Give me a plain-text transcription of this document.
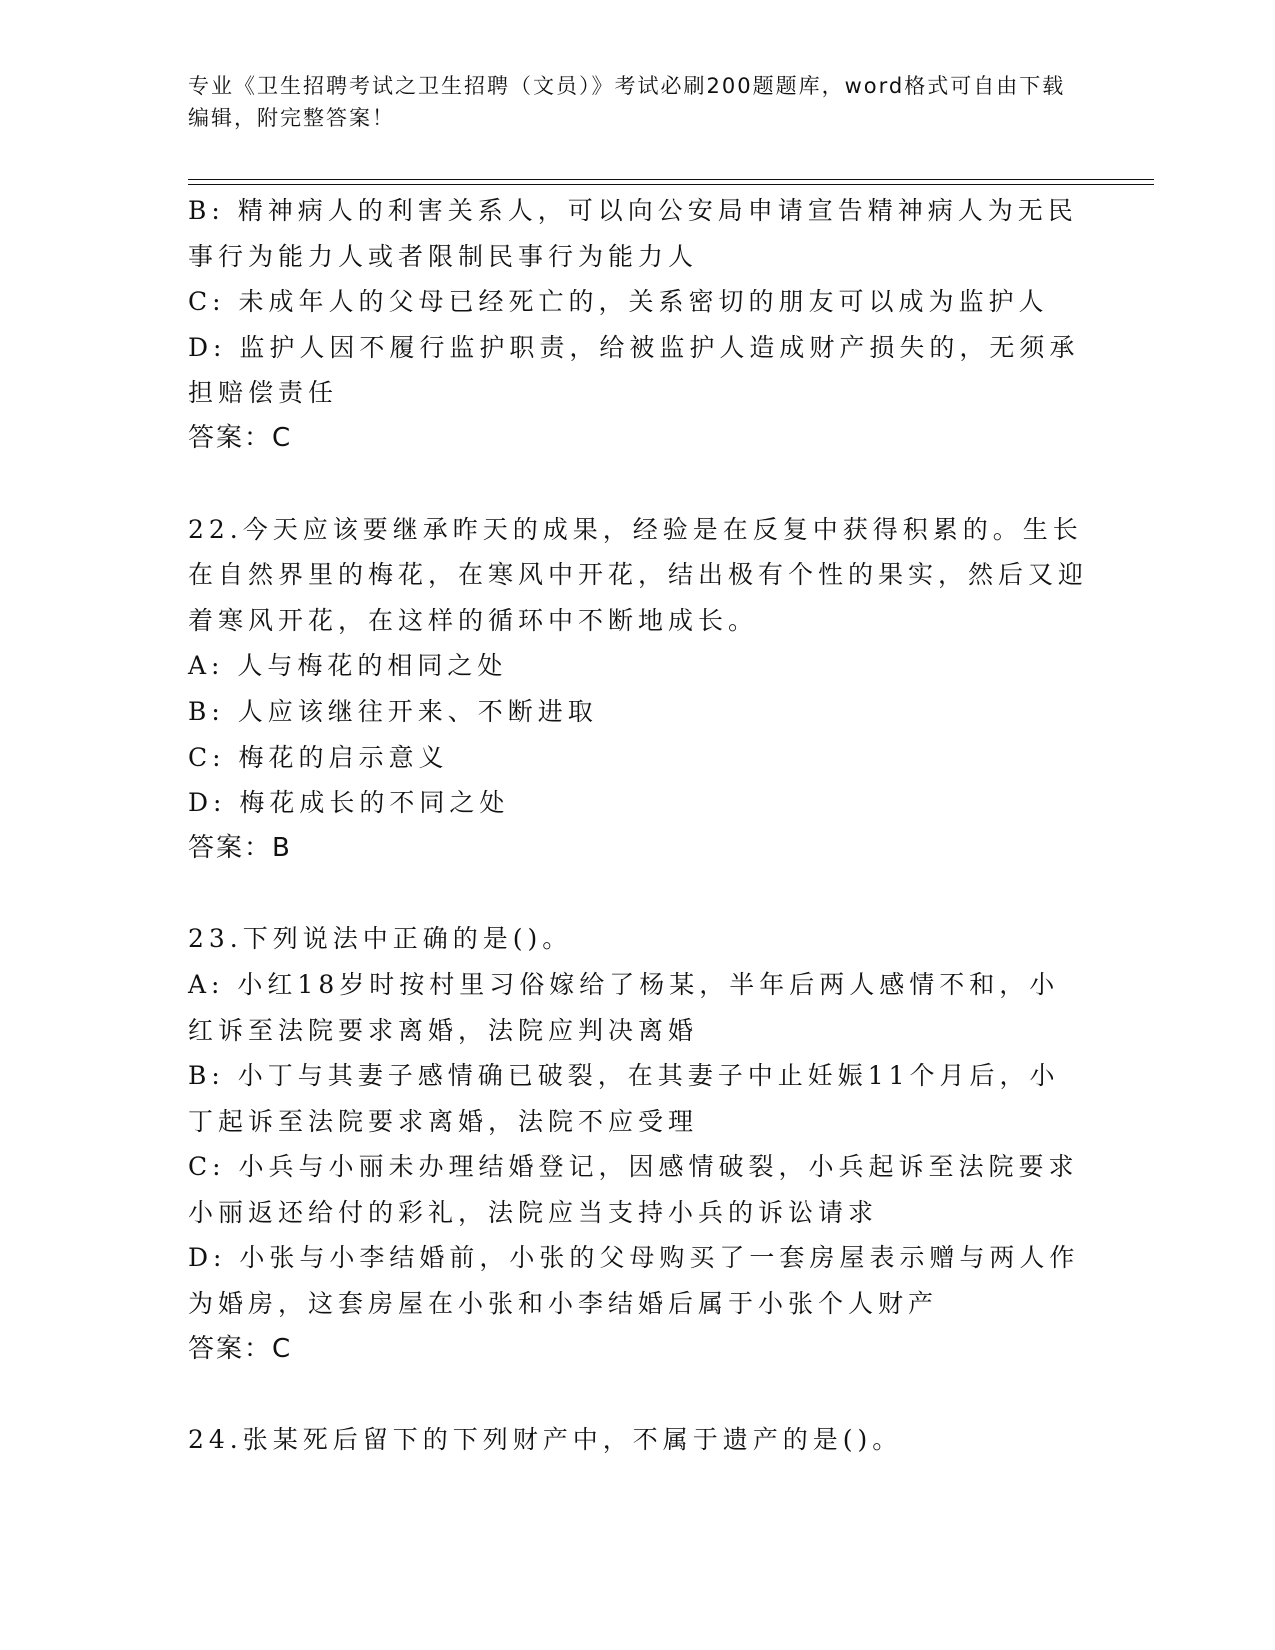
专业《卫生招聘考试之卫生招聘（文员）》考试必刷200题题库，word格式可自由下载编辑，附完整答案！

B: 精神病人的利害关系人，可以向公安局申请宣告精神病人为无民事行为能力人或者限制民事行为能力人

C: 未成年人的父母已经死亡的，关系密切的朋友可以成为监护人

D: 监护人因不履行监护职责，给被监护人造成财产损失的，无须承担赔偿责任

答案：C

22.今天应该要继承昨天的成果，经验是在反复中获得积累的。生长在自然界里的梅花，在寒风中开花，结出极有个性的果实，然后又迎着寒风开花，在这样的循环中不断地成长。

A: 人与梅花的相同之处

B: 人应该继往开来、不断进取

C: 梅花的启示意义

D: 梅花成长的不同之处

答案：B

23.下列说法中正确的是()。

A: 小红18岁时按村里习俗嫁给了杨某，半年后两人感情不和，小红诉至法院要求离婚，法院应判决离婚

B: 小丁与其妻子感情确已破裂，在其妻子中止妊娠11个月后，小丁起诉至法院要求离婚，法院不应受理

C: 小兵与小丽未办理结婚登记，因感情破裂，小兵起诉至法院要求小丽返还给付的彩礼，法院应当支持小兵的诉讼请求

D: 小张与小李结婚前，小张的父母购买了一套房屋表示赠与两人作为婚房，这套房屋在小张和小李结婚后属于小张个人财产

答案：C

24.张某死后留下的下列财产中，不属于遗产的是()。
